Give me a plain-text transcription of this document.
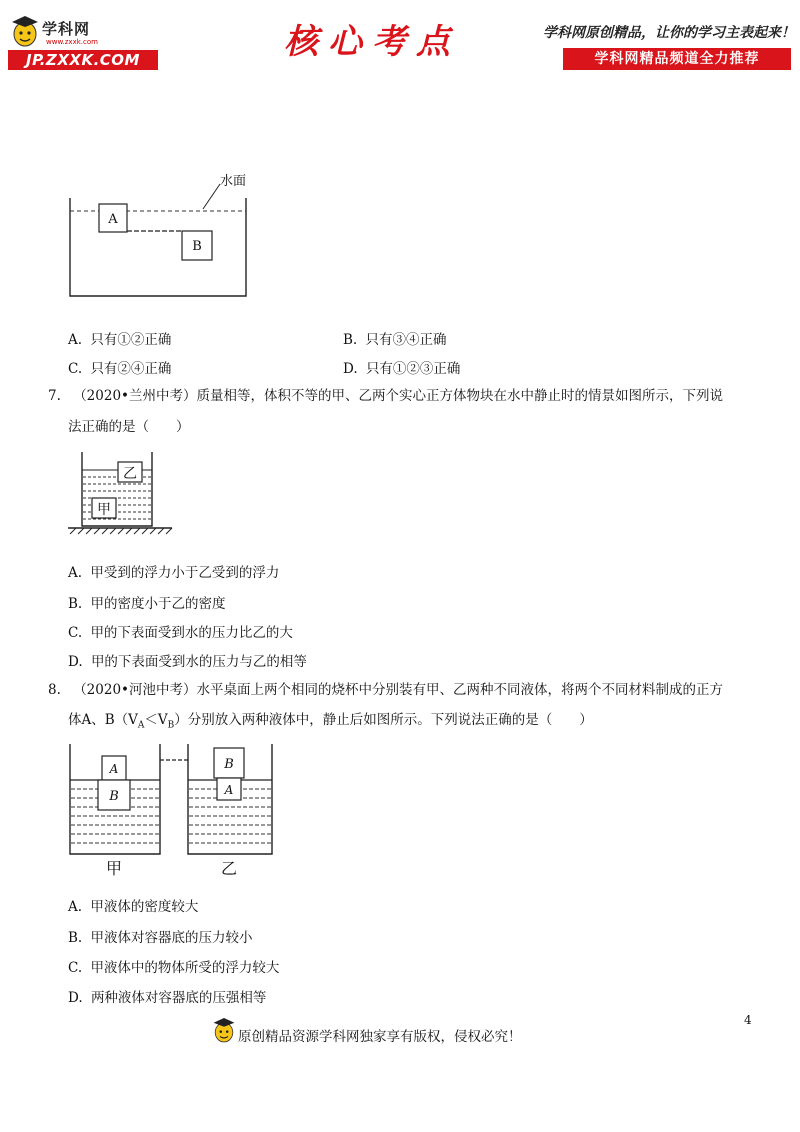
学科网
www.zxxk.com
JP.ZXXK.COM	核心考点	学科网原创精品，让你的学习主表起来！
学科网精品频道全力推荐
水面
A
B
A. 只有①②正确	B. 只有③④正确
C. 只有②④正确	D. 只有①②③正确
7. （2020•兰州中考）质量相等，体积不等的甲、乙两个实心正方体物块在水中静止时的情景如图所示，下列说
法正确的是（　　）
乙
甲
A. 甲受到的浮力小于乙受到的浮力
B. 甲的密度小于乙的密度
C. 甲的下表面受到水的压力比乙的大
D. 甲的下表面受到水的压力与乙的相等
8. （2020•河池中考）水平桌面上两个相同的烧杯中分别装有甲、乙两种不同液体，将两个不同材料制成的正方
体A、$B(V_A<V_B)$分别放入两种液体中，静止后如图所示。下列说法正确的是（　　）
A
B
B
A
甲	乙
A. 甲液体的密度较大
B. 甲液体对容器底的压力较小
C. 甲液体中的物体所受的浮力较大
D. 两种液体对容器底的压强相等
4
原创精品资源学科网独家享有版权，侵权必究！
